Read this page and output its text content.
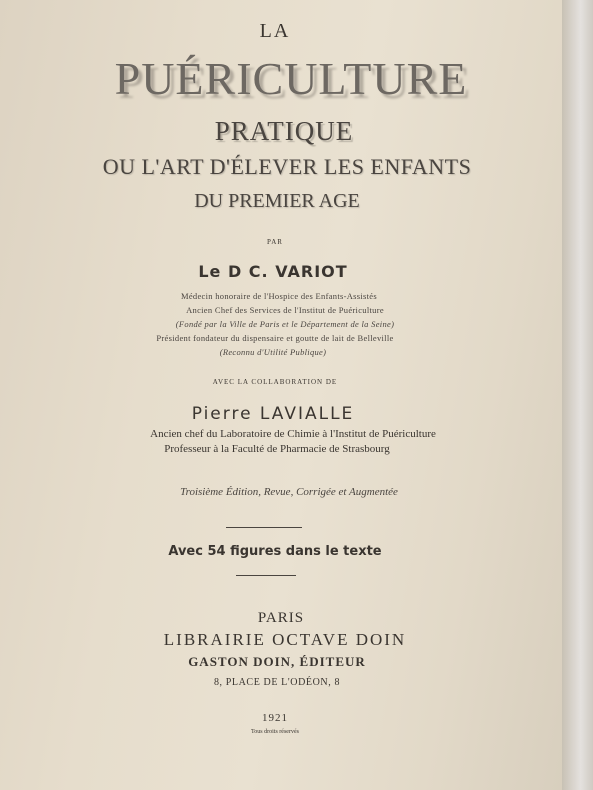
LA
PUÉRICULTURE
PRATIQUE
OU L'ART D'ÉLEVER LES ENFANTS
DU PREMIER AGE
PAR
Le D C. VARIOT
Médecin honoraire de l'Hospice des Enfants-Assistés
Ancien Chef des Services de l'Institut de Puériculture
(Fondé par la Ville de Paris et le Département de la Seine)
Président fondateur du dispensaire et goutte de lait de Belleville
(Reconnu d'Utilité Publique)
AVEC LA COLLABORATION DE
Pierre LAVIALLE
Ancien chef du Laboratoire de Chimie à l'Institut de Puériculture
Professeur à la Faculté de Pharmacie de Strasbourg
Troisième Édition, Revue, Corrigée et Augmentée
Avec 54 figures dans le texte
PARIS
LIBRAIRIE OCTAVE DOIN
GASTON DOIN, ÉDITEUR
8, PLACE DE L'ODÉON, 8
1921
Tous droits réservés
